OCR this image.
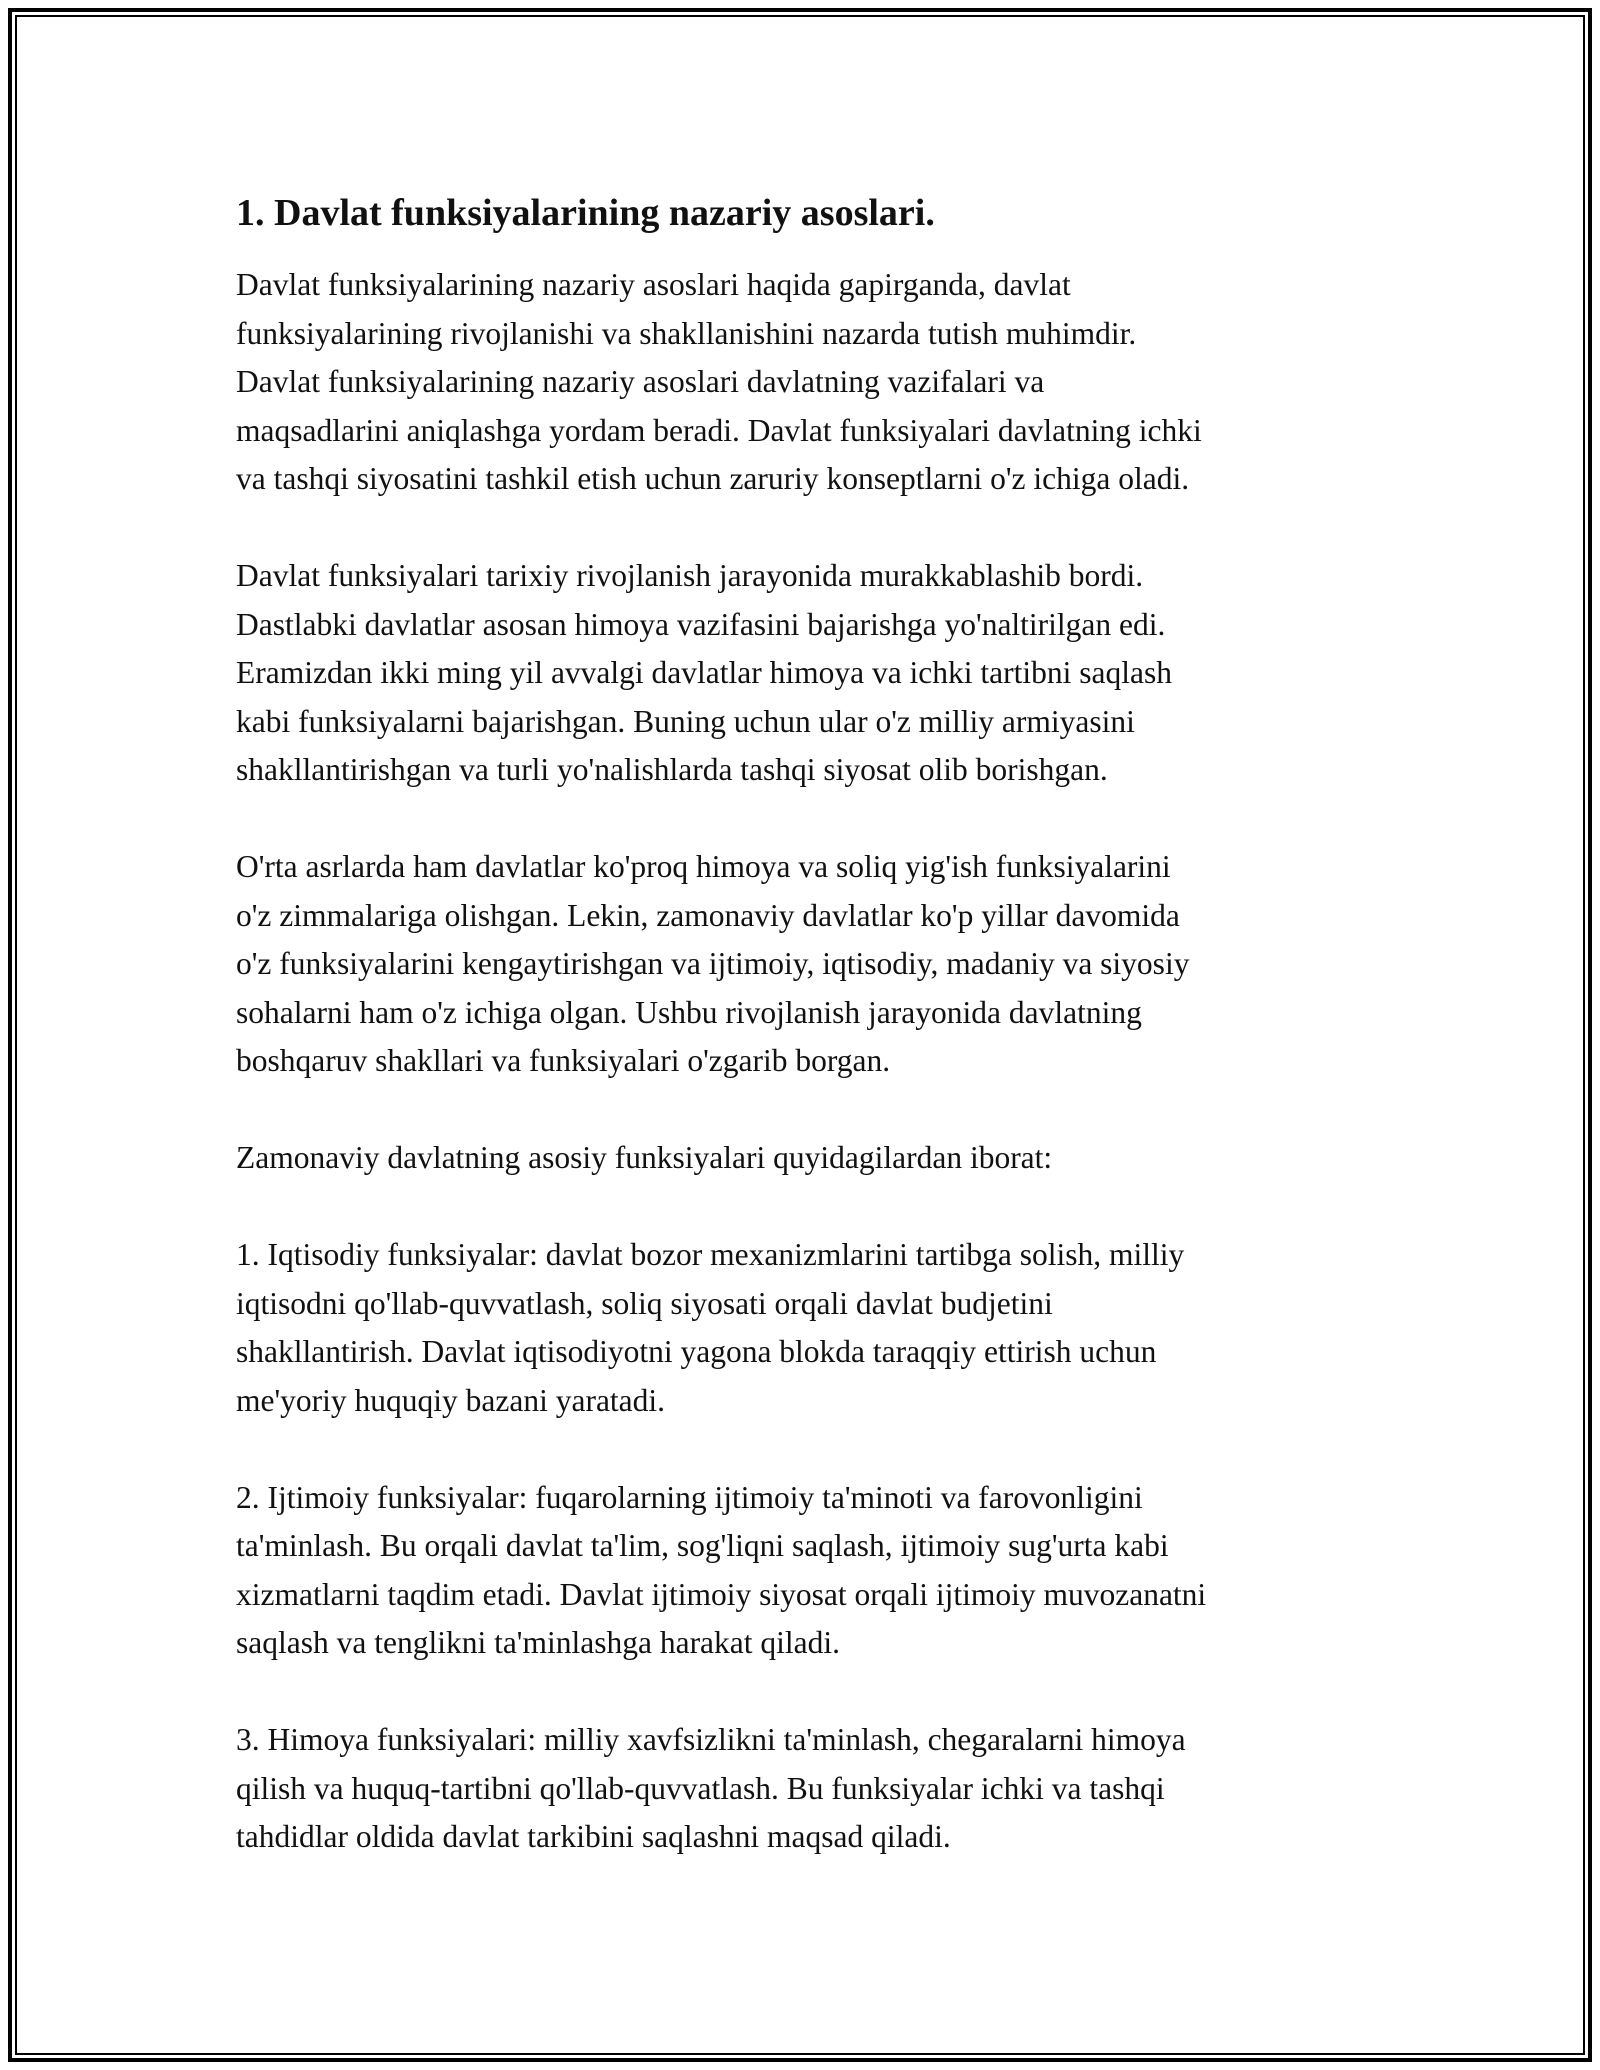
1. Davlat funksiyalarining nazariy asoslari.

Davlat funksiyalarining nazariy asoslari haqida gapirganda, davlat
funksiyalarining rivojlanishi va shakllanishini nazarda tutish muhimdir.
Davlat funksiyalarining nazariy asoslari davlatning vazifalari va
maqsadlarini aniqlashga yordam beradi. Davlat funksiyalari davlatning ichki
va tashqi siyosatini tashkil etish uchun zaruriy konseptlarni o'z ichiga oladi.

Davlat funksiyalari tarixiy rivojlanish jarayonida murakkablashib bordi.
Dastlabki davlatlar asosan himoya vazifasini bajarishga yo'naltirilgan edi.
Eramizdan ikki ming yil avvalgi davlatlar himoya va ichki tartibni saqlash
kabi funksiyalarni bajarishgan. Buning uchun ular o'z milliy armiyasini
shakllantirishgan va turli yo'nalishlarda tashqi siyosat olib borishgan.

O'rta asrlarda ham davlatlar ko'proq himoya va soliq yig'ish funksiyalarini
o'z zimmalariga olishgan. Lekin, zamonaviy davlatlar ko'p yillar davomida
o'z funksiyalarini kengaytirishgan va ijtimoiy, iqtisodiy, madaniy va siyosiy
sohalarni ham o'z ichiga olgan. Ushbu rivojlanish jarayonida davlatning
boshqaruv shakllari va funksiyalari o'zgarib borgan.

Zamonaviy davlatning asosiy funksiyalari quyidagilardan iborat:

1. Iqtisodiy funksiyalar: davlat bozor mexanizmlarini tartibga solish, milliy
iqtisodni qo'llab-quvvatlash, soliq siyosati orqali davlat budjetini
shakllantirish. Davlat iqtisodiyotni yagona blokda taraqqiy ettirish uchun
me'yoriy huquqiy bazani yaratadi.

2. Ijtimoiy funksiyalar: fuqarolarning ijtimoiy ta'minoti va farovonligini
ta'minlash. Bu orqali davlat ta'lim, sog'liqni saqlash, ijtimoiy sug'urta kabi
xizmatlarni taqdim etadi. Davlat ijtimoiy siyosat orqali ijtimoiy muvozanatni
saqlash va tenglikni ta'minlashga harakat qiladi.

3. Himoya funksiyalari: milliy xavfsizlikni ta'minlash, chegaralarni himoya
qilish va huquq-tartibni qo'llab-quvvatlash. Bu funksiyalar ichki va tashqi
tahdidlar oldida davlat tarkibini saqlashni maqsad qiladi.
